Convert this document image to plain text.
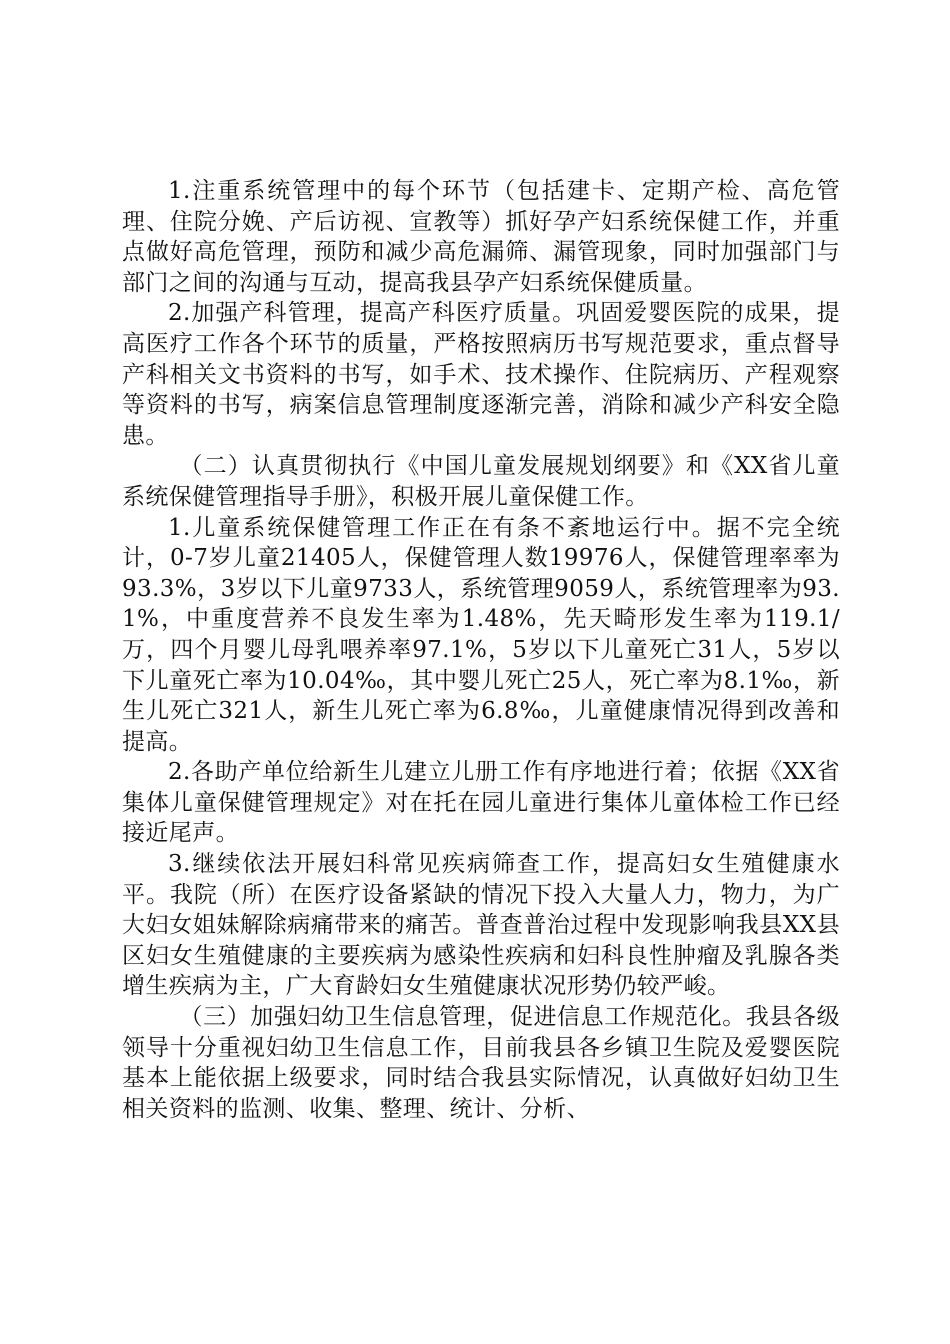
1.注重系统管理中的每个环节（包括建卡、定期产检、高危管理、住院分娩、产后访视、宣教等）抓好孕产妇系统保健工作，并重点做好高危管理，预防和减少高危漏筛、漏管现象，同时加强部门与部门之间的沟通与互动，提高我县孕产妇系统保健质量。

2.加强产科管理，提高产科医疗质量。巩固爱婴医院的成果，提高医疗工作各个环节的质量，严格按照病历书写规范要求，重点督导产科相关文书资料的书写，如手术、技术操作、住院病历、产程观察等资料的书写，病案信息管理制度逐渐完善，消除和减少产科安全隐患。

（二）认真贯彻执行《中国儿童发展规划纲要》和《XX省儿童系统保健管理指导手册》，积极开展儿童保健工作。

1.儿童系统保健管理工作正在有条不紊地运行中。据不完全统计，0-7岁儿童21405人，保健管理人数19976人，保健管理率率为93.3%，3岁以下儿童9733人，系统管理9059人，系统管理率为93.1%，中重度营养不良发生率为1.48%，先天畸形发生率为119.1/万，四个月婴儿母乳喂养率97.1%，5岁以下儿童死亡31人，5岁以下儿童死亡率为10.04‰，其中婴儿死亡25人，死亡率为8.1‰，新生儿死亡321人，新生儿死亡率为6.8‰，儿童健康情况得到改善和提高。

2.各助产单位给新生儿建立儿册工作有序地进行着；依据《XX省集体儿童保健管理规定》对在托在园儿童进行集体儿童体检工作已经接近尾声。

3.继续依法开展妇科常见疾病筛查工作，提高妇女生殖健康水平。我院（所）在医疗设备紧缺的情况下投入大量人力，物力，为广大妇女姐妹解除病痛带来的痛苦。普查普治过程中发现影响我县XX县区妇女生殖健康的主要疾病为感染性疾病和妇科良性肿瘤及乳腺各类增生疾病为主，广大育龄妇女生殖健康状况形势仍较严峻。

（三）加强妇幼卫生信息管理，促进信息工作规范化。我县各级领导十分重视妇幼卫生信息工作，目前我县各乡镇卫生院及爱婴医院基本上能依据上级要求，同时结合我县实际情况，认真做好妇幼卫生相关资料的监测、收集、整理、统计、分析、
